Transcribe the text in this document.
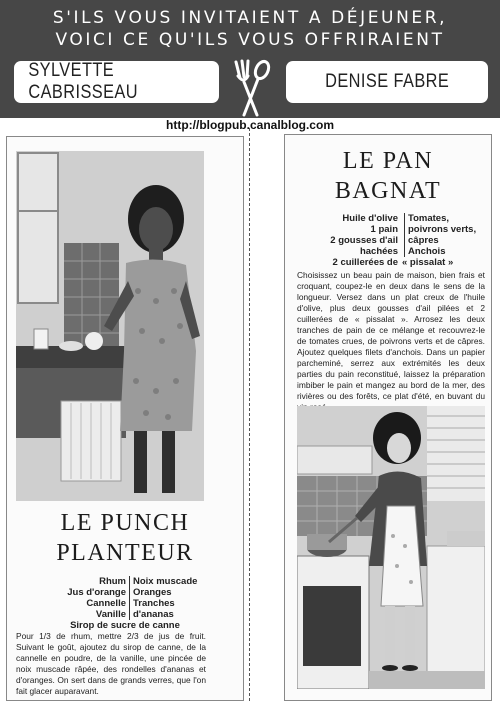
S'ILS VOUS INVITAIENT A DÉJEUNER,
VOICI CE QU'ILS VOUS OFFRIRAIENT
SYLVETTE CABRISSEAU
DENISE FABRE
http://blogpub.canalblog.com
LE PUNCH
PLANTEUR
Rhum
Jus d'orange
Cannelle
Vanille
Noix muscade
Oranges
Tranches
d'ananas
Sirop de sucre de canne
Pour 1/3 de rhum, mettre 2/3 de jus de fruit. Suivant le goût, ajoutez du sirop de canne, de la cannelle en poudre, de la vanille, une pincée de noix muscade râpée, des rondelles d'ananas et d'oranges. On sert dans de grands verres, que l'on fait glacer auparavant.
LE PAN
BAGNAT
Huile d'olive
1 pain
2 gousses d'ail
hachées
2 cuillerées de
Tomates,
poivrons verts,
câpres
Anchois
« pissalat »
Choisissez un beau pain de maison, bien frais et croquant, coupez-le en deux dans le sens de la longueur. Versez dans un plat creux de l'huile d'olive, plus deux gousses d'ail pilées et 2 cuillerées de « pissalat ». Arrosez les deux tranches de pain de ce mélange et recouvrez-le de tomates crues, de poivrons verts et de câpres. Ajoutez quelques filets d'anchois. Dans un papier parcheminé, serrez aux extrémités les deux parties du pain reconstitué, laissez la préparation imbiber le pain et mangez au bord de la mer, des rivières ou des forêts, ce plat d'été, en buvant du
